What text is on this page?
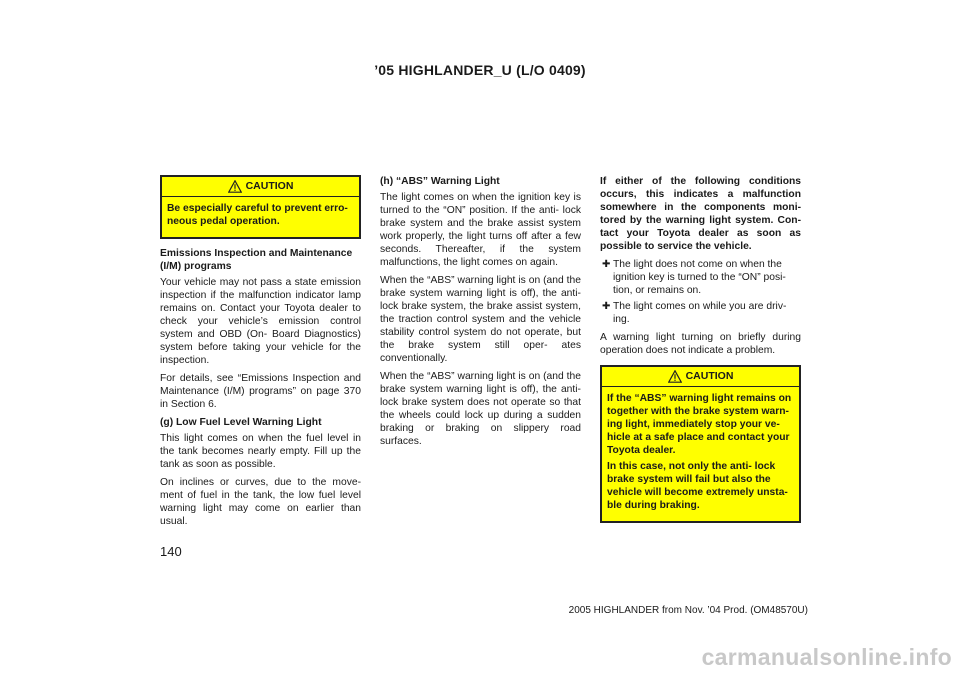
’05 HIGHLANDER_U (L/O 0409)
CAUTION

Be especially careful to prevent erro- neous pedal operation.

Emissions Inspection and Maintenance (I/M) programs

Your vehicle may not pass a state emission inspection if the malfunction indicator lamp remains on. Contact your Toyota dealer to check your vehicle’s emission control system and OBD (On- Board Diagnostics) system before taking your vehicle for the inspection.

For details, see “Emissions Inspection and Maintenance (I/M) programs” on page 370 in Section 6.

(g) Low Fuel Level Warning Light

This light comes on when the fuel level in the tank becomes nearly empty. Fill up the tank as soon as possible.

On inclines or curves, due to the move- ment of fuel in the tank, the low fuel level warning light may come on earlier than usual.

(h) “ABS” Warning Light

The light comes on when the ignition key is turned to the “ON” position. If the anti- lock brake system and the brake assist system work properly, the light turns off after a few seconds. Thereafter, if the system malfunctions, the light comes on again.

When the “ABS” warning light is on (and the brake system warning light is off), the anti- lock brake system, the brake assist system, the traction control system and the vehicle stability control system do not operate, but the brake system still oper- ates conventionally.

When the “ABS” warning light is on (and the brake system warning light is off), the anti- lock brake system does not operate so that the wheels could lock up during a sudden braking or braking on slippery road surfaces.

If either of the following conditions occurs, this indicates a malfunction somewhere in the components moni- tored by the warning light system. Con- tact your Toyota dealer as soon as possible to service the vehicle.

✚ The light does not come on when the ignition key is turned to the “ON” posi- tion, or remains on.
✚ The light comes on while you are driv- ing.

A warning light turning on briefly during operation does not indicate a problem.

CAUTION

If the “ABS” warning light remains on together with the brake system warn- ing light, immediately stop your ve- hicle at a safe place and contact your Toyota dealer.

In this case, not only the anti- lock brake system will fail but also the vehicle will become extremely unsta- ble during braking.

140
2005 HIGHLANDER from Nov. ’04 Prod. (OM48570U)
carmanualsonline.info
